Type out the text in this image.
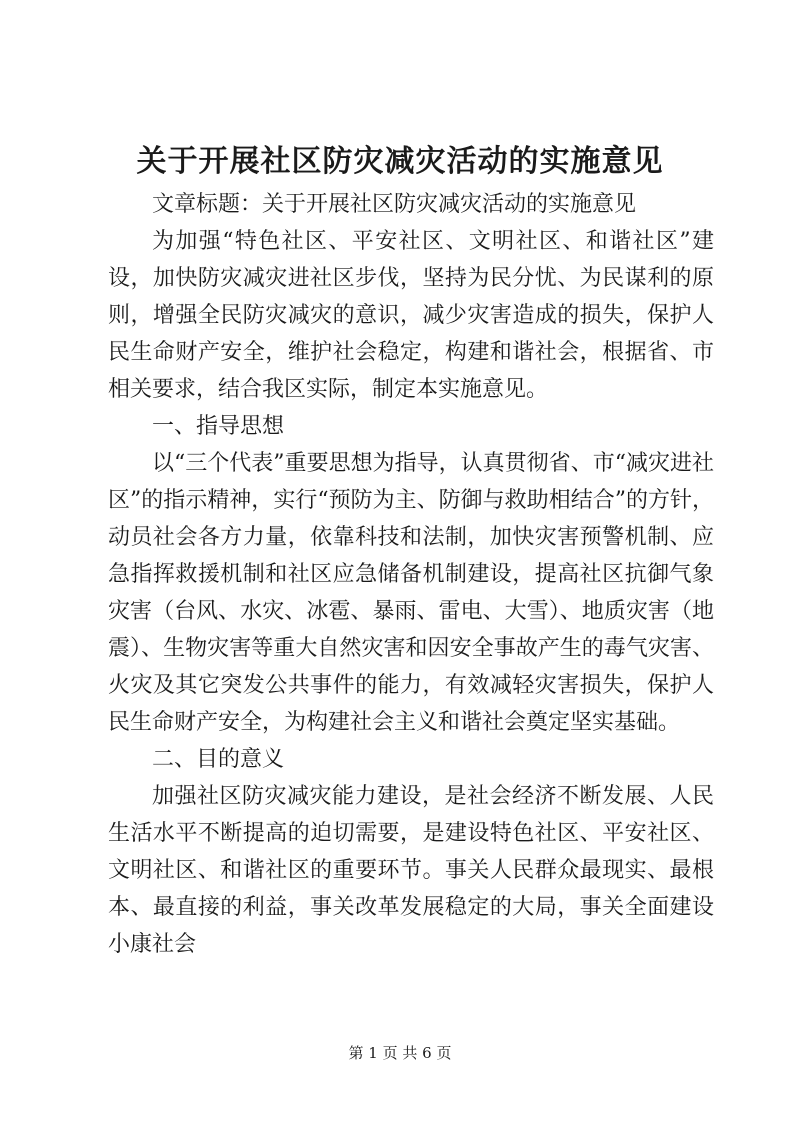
关于开展社区防灾减灾活动的实施意见

文章标题：关于开展社区防灾减灾活动的实施意见

为加强“特色社区、平安社区、文明社区、和谐社区”建设，加快防灾减灾进社区步伐，坚持为民分忧、为民谋利的原则，增强全民防灾减灾的意识，减少灾害造成的损失，保护人民生命财产安全，维护社会稳定，构建和谐社会，根据省、市相关要求，结合我区实际，制定本实施意见。

一、指导思想

以“三个代表”重要思想为指导，认真贯彻省、市“减灾进社区”的指示精神，实行“预防为主、防御与救助相结合”的方针，动员社会各方力量，依靠科技和法制，加快灾害预警机制、应急指挥救援机制和社区应急储备机制建设，提高社区抗御气象灾害（台风、水灾、冰雹、暴雨、雷电、大雪）、地质灾害（地震）、生物灾害等重大自然灾害和因安全事故产生的毒气灾害、火灾及其它突发公共事件的能力，有效减轻灾害损失，保护人民生命财产安全，为构建社会主义和谐社会奠定坚实基础。

二、目的意义

加强社区防灾减灾能力建设，是社会经济不断发展、人民生活水平不断提高的迫切需要，是建设特色社区、平安社区、文明社区、和谐社区的重要环节。事关人民群众最现实、最根本、最直接的利益，事关改革发展稳定的大局，事关全面建设小康社会

第 1 页 共 6 页
